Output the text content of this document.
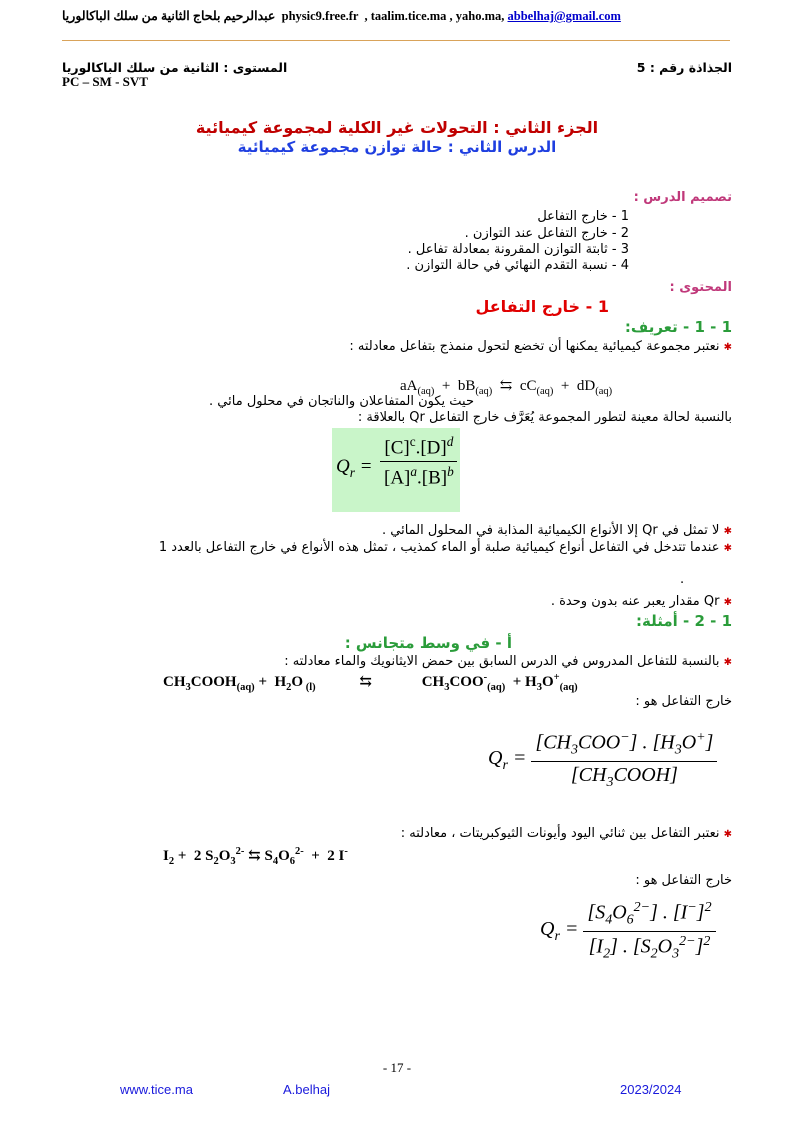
عبدالرحيم بلحاج الثانية من سلك الباكالوريا physic9.free.fr , taalim.tice.ma , yaho.ma, abbelhaj@gmail.com
الجذاذة رقم : 5
المستوى : الثانية من سلك الباكالوريا
PC – SM - SVT
الجزء الثاني : التحولات غير الكلية لمجموعة كيميائية
الدرس الثاني : حالة توازن مجموعة كيميائية
تصميم الدرس :
1 - خارج التفاعل
2 - خارج التفاعل عند التوازن .
3 - ثابتة التوازن المقرونة بمعادلة تفاعل .
4 - نسبة التقدم النهائي في حالة التوازن .
المحتوى :
1 - خارج التفاعل
1 - 1 - تعريف:
✱ نعتبر مجموعة كيميائية يمكنها أن تخضع لتحول منمذج بتفاعل معادلته :
$aA_{(aq)} + bB_{(aq)}$  ⇆  $cC_{(aq)} + dD_{(aq)}$
حيث يكون المتفاعلان والناتجان في محلول مائي .
بالنسبة لحالة معينة لتطور المجموعة يُعَرَّف خارج التفاعل Qr بالعلاقة :
$Q_r = \frac{[C]^c.[D]^d}{[A]^a.[B]^b}$
✱ لا تمثل في Qr إلا الأنواع الكيميائية المذابة في المحلول المائي .
✱ عندما تتدخل في التفاعل أنواع كيميائية صلبة أو الماء كمذيب ، تمثل هذه الأنواع في خارج التفاعل بالعدد 1
.
✱ Qr مقدار يعبر عنه بدون وحدة .
1 - 2 - أمثلة:
أ - في وسط متجانس :
✱ بالنسبة للتفاعل المدروس في الدرس السابق بين حمض الايثانويك والماء معادلته :
$CH_3COOH_{(aq)} + H_2O$ $_{(l)}$	⇆	$CH_3COO^-_{(aq)} + H_3O^+_{(aq)}$
خارج التفاعل هو :
$Q_r = \frac{[CH_3COO^-] . [H_3O^+]}{[CH_3COOH]}$
✱ نعتبر التفاعل بين ثنائي اليود وأيونات الثيوكبريتات ، معادلته :
$I_2 + 2$ $S_2O_3^{2-}$ ⇆ $S_4O_6^{2-} + 2$ I-
خارج التفاعل هو :
$Q_r = \frac{[S_4O_6^{2-}] . [I^-]^2}{[I_2] . [S_2O_3^{2-}]^2}$
- 17 -
www.tice.ma	A.belhaj	2023/2024
